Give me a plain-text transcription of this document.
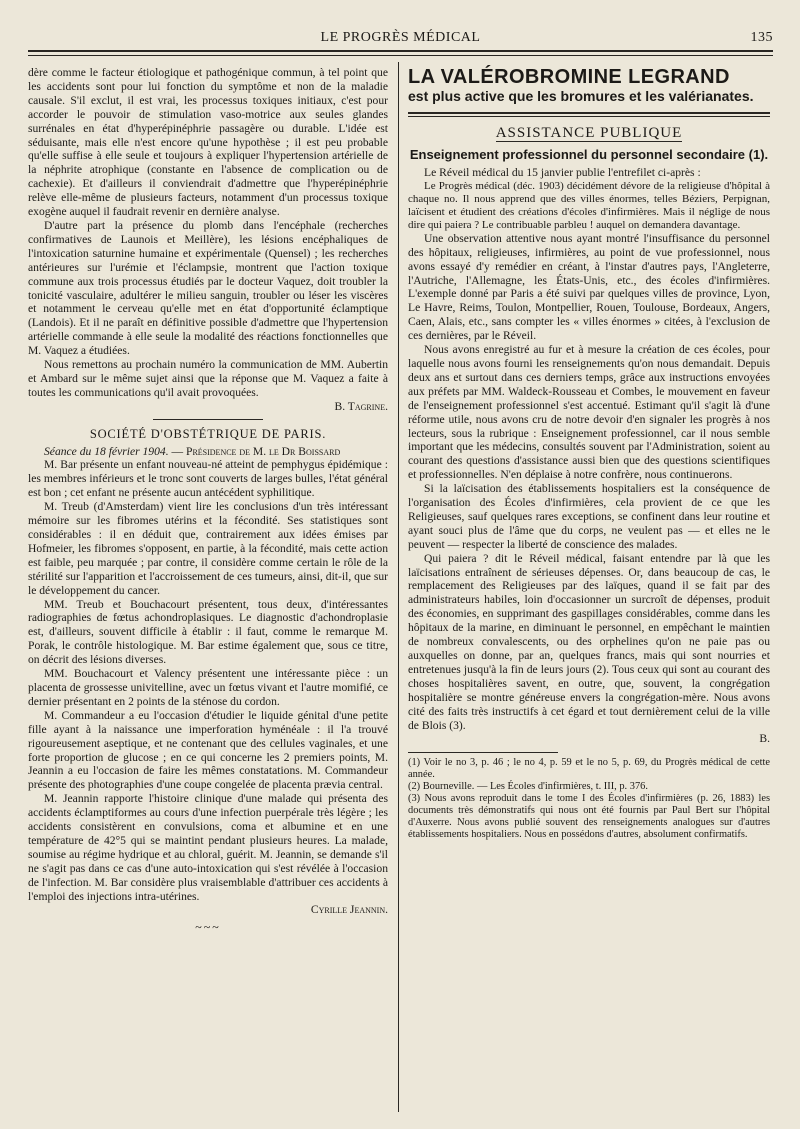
LE PROGRÈS MÉDICAL	135

dère comme le facteur étiologique et pathogénique commun, à tel point que les accidents sont pour lui fonction du symptôme et non de la maladie causale. S'il exclut, il est vrai, les processus toxiques initiaux, c'est pour accorder le pouvoir de stimulation vaso-motrice aux seules glandes surrénales en état d'hyperépinéphrie passagère ou durable. L'idée est séduisante, mais elle n'est encore qu'une hypothèse ; il est peu probable qu'elle suffise à elle seule et toujours à expliquer l'hypertension artérielle de la néphrite atrophique (constante en l'absence de complication ou de cachexie). Et d'ailleurs il conviendrait d'admettre que l'hyperépinéphrie relève elle-même de plusieurs facteurs, notamment d'un processus toxique exogène auquel il faudrait revenir en dernière analyse.

D'autre part la présence du plomb dans l'encéphale (recherches confirmatives de Launois et Meillère), les lésions encéphaliques de l'intoxication saturnine humaine et expérimentale (Quensel) ; les recherches antérieures sur l'urémie et l'éclampsie, montrent que l'action toxique commune aux trois processus étudiés par le docteur Vaquez, doit troubler la tonicité vasculaire, adultérer le milieu sanguin, troubler ou léser les viscères et notamment le cerveau qu'elle met en état d'opportunité éclamptique (Landois). Et il ne paraît en définitive possible d'admettre que l'hypertension artérielle commande à elle seule la modalité des réactions fonctionnelles que M. Vaquez a étudiées.

Nous remettons au prochain numéro la communication de MM. Aubertin et Ambard sur le même sujet ainsi que la réponse que M. Vaquez a faite à toutes les communications qu'il avait provoquées.

B. Tagrine.

SOCIÉTÉ D'OBSTÉTRIQUE DE PARIS.

Séance du 18 février 1904. — Présidence de M. le Dr Boissard

M. Bar présente un enfant nouveau-né atteint de pemphygus épidémique : les membres inférieurs et le tronc sont couverts de larges bulles, l'état général est bon ; cet enfant ne présente aucun antécédent syphilitique.

M. Treub (d'Amsterdam) vient lire les conclusions d'un très intéressant mémoire sur les fibromes utérins et la fécondité. Ses statistiques sont considérables : il en déduit que, contrairement aux idées émises par Hofmeier, les fibromes s'opposent, en partie, à la fécondité, mais cette action est faible, peu marquée ; par contre, il considère comme certain le rôle de la stérilité sur l'apparition et l'accroissement de ces tumeurs, ainsi, dit-il, que sur le développement du cancer.

MM. Treub et Bouchacourt présentent, tous deux, d'intéressantes radiographies de fœtus achondroplasiques. Le diagnostic d'achondroplasie est, d'ailleurs, souvent difficile à établir : il faut, comme le remarque M. Porak, le contrôle histologique. M. Bar estime également que, sous ce titre, on décrit des lésions diverses.

MM. Bouchacourt et Valency présentent une intéressante pièce : un placenta de grossesse univitelline, avec un fœtus vivant et l'autre momifié, ce dernier présentant en 2 points de la sténose du cordon.

M. Commandeur a eu l'occasion d'étudier le liquide génital d'une petite fille ayant à la naissance une imperforation hyménéale : il l'a trouvé rigoureusement aseptique, et ne contenant que des cellules vaginales, et une forte proportion de glucose ; en ce qui concerne les 2 premiers points, M. Jeannin a eu l'occasion de faire les mêmes constatations. M. Commandeur présente des photographies d'une coupe congelée de placenta prævia central.

M. Jeannin rapporte l'histoire clinique d'une malade qui présenta des accidents éclamptiformes au cours d'une infection puerpérale très légère ; les accidents consistèrent en convulsions, coma et albumine et en une température de 42°5 qui se maintint pendant plusieurs heures. La malade, soumise au régime hydrique et au chloral, guérit. M. Jeannin, se demande s'il ne s'agit pas dans ce cas d'une auto-intoxication qui s'est révélée à l'occasion de l'infection. M. Bar considère plus vraisemblable d'attribuer ces accidents à l'emploi des injections intra-utérines.

Cyrille Jeannin.

~~~
LA VALÉROBROMINE LEGRAND
est plus active que les bromures et les valérianates.
ASSISTANCE PUBLIQUE
Enseignement professionnel du personnel secondaire (1).

Le Réveil médical du 15 janvier publie l'entrefilet ci-après :

Le Progrès médical (déc. 1903) décidément dévore de la religieuse d'hôpital à chaque no. Il nous apprend que des villes énormes, telles Béziers, Perpignan, laïcisent et étudient des créations d'écoles d'infirmières. Mais il néglige de nous dire qui paiera ? Le contribuable parbleu ! auquel on demandera davantage.

Une observation attentive nous ayant montré l'insuffisance du personnel des hôpitaux, religieuses, infirmières, au point de vue professionnel, nous avons essayé d'y remédier en créant, à l'instar d'autres pays, l'Angleterre, l'Autriche, l'Allemagne, les États-Unis, etc., des écoles d'infirmières. L'exemple donné par Paris a été suivi par quelques villes de province, Lyon, Le Havre, Reims, Toulon, Montpellier, Rouen, Toulouse, Bordeaux, Angers, Caen, Alais, etc., sans compter les « villes énormes » citées, à l'exclusion de ces dernières, par le Réveil.

Nous avons enregistré au fur et à mesure la création de ces écoles, pour laquelle nous avons fourni les renseignements qu'on nous demandait. Depuis deux ans et surtout dans ces derniers temps, grâce aux instructions envoyées aux préfets par MM. Waldeck-Rousseau et Combes, le mouvement en faveur de l'enseignement professionnel s'est accentué. Estimant qu'il s'agit là d'une réforme utile, nous avons cru de notre devoir d'en signaler les progrès à nos lecteurs, sous la rubrique : Enseignement professionnel, car il nous semble important que les médecins, consultés souvent par l'Administration, soient au courant des questions d'assistance aussi bien que des questions scientifiques et professionnelles. N'en déplaise à notre confrère, nous continuerons.

Si la laïcisation des établissements hospitaliers est la conséquence de l'organisation des Écoles d'infirmières, cela provient de ce que les Religieuses, sauf quelques rares exceptions, se confinent dans leur routine et ayant souci plus de l'âme que du corps, ne veulent pas — et elles ne le peuvent — respecter la liberté de conscience des malades.

Qui paiera ? dit le Réveil médical, faisant entendre par là que les laïcisations entraînent de sérieuses dépenses. Or, dans beaucoup de cas, le remplacement des Religieuses par des laïques, quand il se fait par des administrateurs habiles, loin d'occasionner un surcroît de dépenses, produit des économies, en supprimant des gaspillages considérables, comme dans les hôpitaux de la marine, en diminuant le personnel, en empêchant le maintien de nombreux convalescents, ou des orphelines qu'on ne paie pas ou auxquelles on donne, par an, quelques francs, mais qui sont nourries et entretenues jusqu'à la fin de leurs jours (2). Tous ceux qui sont au courant des choses hospitalières savent, en outre, que, souvent, la congrégation hospitalière se montre généreuse envers la congrégation-mère. Nous avons cité des faits très instructifs à cet égard et tout dernièrement celui de la ville de Blois (3).

B.

(1) Voir le no 3, p. 46 ; le no 4, p. 59 et le no 5, p. 69, du Progrès médical de cette année.

(2) Bourneville. — Les Écoles d'infirmières, t. III, p. 376.

(3) Nous avons reproduit dans le tome I des Écoles d'infirmières (p. 26, 1883) les documents très démonstratifs qui nous ont été fournis par Paul Bert sur l'hôpital d'Auxerre. Nous avons publié souvent des renseignements analogues sur d'autres établissements hospitaliers. Nous en possédons d'autres, absolument confirmatifs.
